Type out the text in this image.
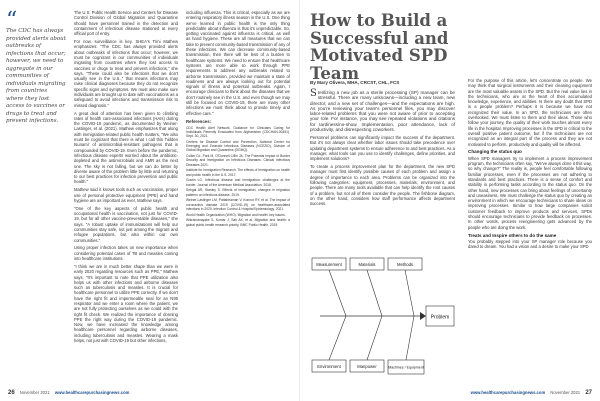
“

The CDC has always provided alerts about outbreaks of infections that occur; however, we need to aggregate in our communities of individuals migrating from countries where they lost access to vaccines or drugs to treat and prevent infections.

The U.S. Public Health Service and Centers for Disease Control Division of Global Migration and Quarantine should have personnel trained in the detection and containment of infectious disease stationed at every official port of entry.

For now, surveillance is key. SHEA's Trini Mathew emphasizes: "The CDC has always provided alerts about outbreaks of infections that occur; however, we must be cognizant in our communities of individuals migrating from countries where they lost access to vaccines or drugs to treat and prevent infections," she says. "These could also be infections that we don't usually see in the U.S.," that means infections may raise clinical diagnoses because they do not recognize specific signs and symptoms. We must also make sure individuals are brought up to date with vaccinations as a safeguard to avoid infections and transmission risk to missed diagnosis."

A great deal of attention has been given to climbing rates of health care-associated infections (HAIs) during the COVID-19 pandemic, as documented by Weiner-Lastinger, et al. (2021). Mathew emphasizes that along with immigration-related public health matters, "We also must be cognizant that there is what I call this 'hidden tsunami' of antimicrobial-resistant pathogens that is compounded by COVID-19. Even before the pandemic, infectious disease experts worried about the antibiotic-depleted and the antimicrobials and AMR as the next one. The sky is not falling, but we can do better by diverse aware of the problem little by little and returning to our best practices for infection prevention and public health."

Mathew said it knows tools such as vaccination, proper use of personal protective equipment (PPE) and hand hygiene are as important as ever, Mathew says.

"One of the key aspects of public health and occupational health is vaccination, not just for COVID-19, but for all other vaccine-preventable diseases," she says. "A robust uptake of immunizations will help our communities stay safe, not just among the migrant and refugee populations, but also within our own communities."

Using proper infection takes on new importance when considering potential cases of TB and measles coming into healthcare institutions.

"I think we are in much better shape than we were in early 2020 regarding resources such as PPE," Mathew says. "It's important to note that PPE utilization also helps us with other infections and airborne diseases such as tuberculosis and measles. It is crucial for healthcare personnel to utilize PPE correctly. If we don't have the right fit and impermeable seal for an N95 respirator and we enter a room where the patient, we are not fully protecting ourselves as we could with the right fit check. We realized the importance of donning PPE the right way during the COVID-19 pandemic. Now, we have increased the knowledge among healthcare personnel regarding airborne diseases, including tuberculosis and measles. Wearing a mask helps, not just with COVID-19 but other infections,

including influenza. This is critical, especially as we are entering respiratory illness season in the U.S. One thing we've learned in public health is the only thing predictable about influenza is that it's unpredictable. So, getting vaccinated against influenza is critical, as well as hand hygiene. These are all measures that we can take to prevent community-based transmission of any of these infections. We can decrease community-based transmission, then there will be less of a burden to healthcare systems. We need to ensure that healthcare systems are more able to work through PPE requirements to address any outbreaks related to airborne transmission, provided we maintain a state of readiness and are always looking out for potential signals of illness and potential outbreaks. Again, I encourage clinicians to think about the diseases that we don't routinely see in the U.S. and even though we may still be focused on COVID-19, there are many other infections we must think about to provide timely and effective care."

References:
CDC Health Alert Network. Guidance for Clinicians Caring for Individuals Recently Evacuated from Afghanistan (CDCHAN-00451). Sept. 30, 2021.
Centers for Disease Control and Prevention, National Center for Emerging and Zoonotic Infectious Diseases (NCEZID), Division of Global Migration and Quarantine (DGMQ).
Collier DL, Park M, O'Donnell Cillin JA. The Potential Impact of Border Security and Immigration on Infectious Diseases. Clinical Infectious Diseases 2021.
Institute for Immigration Research. The effects of immigration on health and public health in the U.S. 2017.
Gostin LO. Infectious disease and immigration: challenges at the border. Journal of the American Medical Association. 2018.
Sehgal AR, Stanley S. Effects of immigration, changes in migration patterns on infectious disease. 2019.
Weiner-Lastinger LM, Pattabiraman V, Konnor RY, et al. The impact of coronavirus disease 2019 (COVID-19) on healthcare-associated infections in 2020. Infection Control & Hospital Epidemiology. 2021.
World Health Organization (WHO). Migration and health: key issues.
Wikramanayake S, Kumar J, Sah AK, et al. Migration and health: a global public health research priority. BMC Public Health. 2019.
26 November 2021 www.healthcarepurchasingnews.com
How to Build a Successful and Motivated SPD Team
By Mary Olivera, MHA, CRCST, CHL, FCS

Sterilizing a new job as a sterile processing (SP) manager can be stressful. There are many unknowns—including a new team, new director, and a new set of challenges—and the expectations are high. As you're reviewing your team's personnel files, you may discover labor-related problems that you were not aware of prior to accepting your role. For instance, you may see repeated violations and citations for tardiness/no-show. Implementation, poor attendance, lack of productivity, and disrespecting coworkers.

Personnel problems can significantly impact the success of the department. But it's not always clear whether labor issues should take precedence over updating department systems to ensure adherence to and best practices. As a manager, what tools can you use to identify challenges, define priorities, and implement solutions?

To create a process improvement plan for the department, the new SPD manager must first identify possible causes of each problem and assign a degree of importance to each area. Problems can be organized into the following categories: equipment, processes, materials, environment, and people. There are many tools available that can help identify the root causes of a problem, but not all of them consider the people. The fishbone diagram, on the other hand, considers how staff performance affects department success.

Problem
Measurement	Materials	Methods
Environment	Manpower	Machines / Equipment

For the purpose of this article, let's concentrate on people. We may think that surgical instruments and their cleaning equipment are the most valuable assets in the SPD. But the real value lies in the technicians, who are at the heart of their accumulated knowledge, experience, and abilities. Is there any doubt that SPD is a people problem? Perhaps it is because we have not recognized their value. In an SPD, the technicians are often overlooked. We must listen to them and their ideas. Those who follow your journey, the quality of their work touches almost every life in the hospital. Improving processes in the SPD is critical to the overall positive patient outcome, but if the technicians are not recognized as an integral part of the process and they are not motivated to perform, productivity and quality will be affected.

Changing the status quo

When SPD managers try to implement a process improvement program, the technicians often say, "We've always done it this way, so why change?" The reality is, people feel comfortable following familiar processes, even if the processes are not adhering to standards and best practices. There is a sense of comfort and stability in performing tasks according to the status quo. On the other hand, new processes can bring about feelings of uncertainty and uneasiness. We must challenge the status quo by creating an environment in which we encourage technicians to share ideas on improving processes. Similar to how large companies solicit customer feedback to improve products and services, SPDs should encourage technicians to provide feedback on processes. In other words, process reengineering gets advanced by the people who are doing the work.

Treats and Inspire others to do the same

You probably stepped into your SP manager role because you dared to dream. You had a vision and a desire to make your SPD

www.healthcarepurchasingnews.com November 2021 27
